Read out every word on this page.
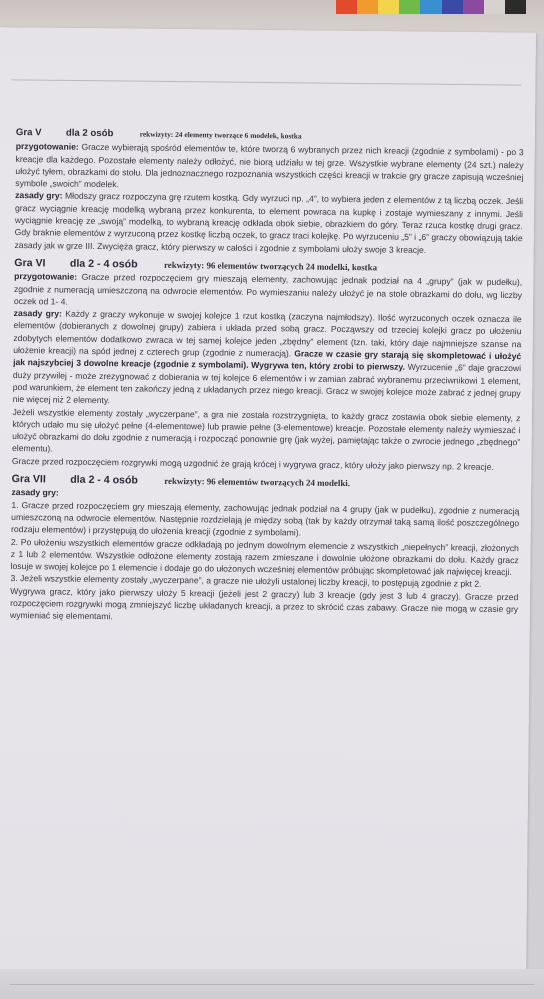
Gra V	dla 2 osób	rekwizyty: 24 elementy tworzące 6 modelek, kostka

przygotowanie: Gracze wybierają spośród elementów te, które tworzą 6 wybranych przez nich kreacji (zgodnie z symbolami) - po 3 kreacje dla każdego. Pozostałe elementy należy odłożyć, nie biorą udziału w tej grze. Wszystkie wybrane elementy (24 szt.) należy ułożyć tyłem, obrazkami do stołu. Dla jednoznacznego rozpoznania wszystkich części kreacji w trakcie gry gracze zapisują wcześniej symbole „swoich” modelek.

zasady gry: Młodszy gracz rozpoczyna grę rzutem kostką. Gdy wyrzuci np. „4”, to wybiera jeden z elementów z tą liczbą oczek. Jeśli gracz wyciągnie kreację modelką wybraną przez konkurenta, to element powraca na kupkę i zostaje wymieszany z innymi. Jeśli wyciągnie kreację ze „swoją” modelką, to wybraną kreację odkłada obok siebie, obrazkiem do góry. Teraz rzuca kostkę drugi gracz. Gdy braknie elementów z wyrzuconą przez kostkę liczbą oczek, to gracz traci kolejkę. Po wyrzuceniu „5” i „6” graczy obowiązują takie zasady jak w grze III. Zwycięża gracz, który pierwszy w całości i zgodnie z symbolami ułoży swoje 3 kreacje.

Gra VI dla 2 - 4 osób	rekwizyty: 96 elementów tworzących 24 modelki, kostka

przygotowanie: Gracze przed rozpoczęciem gry mieszają elementy, zachowując jednak podział na 4 „grupy” (jak w pudełku), zgodnie z numeracją umieszczoną na odwrocie elementów. Po wymieszaniu należy ułożyć je na stole obrazkami do dołu, wg liczby oczek od 1- 4.

zasady gry: Każdy z graczy wykonuje w swojej kolejce 1 rzut kostką (zaczyna najmłodszy). Ilość wyrzuconych oczek oznacza ile elementów (dobieranych z dowolnej grupy) zabiera i układa przed sobą gracz. Począwszy od trzeciej kolejki gracz po ułożeniu zdobytych elementów dodatkowo zwraca w tej samej kolejce jeden „zbędny” element (tzn. taki, który daje najmniejsze szanse na ułożenie kreacji) na spód jednej z czterech grup (zgodnie z numeracją). Gracze w czasie gry starają się skompletować i ułożyć jak najszybciej 3 dowolne kreacje (zgodnie z symbolami). Wygrywa ten, który zrobi to pierwszy. Wyrzucenie „6” daje graczowi duży przywilej - może zrezygnować z dobierania w tej kolejce 6 elementów i w zamian zabrać wybranemu przeciwnikowi 1 element, pod warunkiem, że element ten zakończy jedną z układanych przez niego kreacji. Gracz w swojej kolejce może zabrać z jednej grupy nie więcej niż 2 elementy.

Jeżeli wszystkie elementy zostały „wyczerpane”, a gra nie została rozstrzygnięta, to każdy gracz zostawia obok siebie elementy, z których udało mu się ułożyć pełne (4-elementowe) lub prawie pełne (3-elementowe) kreacje. Pozostałe elementy należy wymieszać i ułożyć obrazkami do dołu zgodnie z numeracją i rozpocząć ponownie grę (jak wyżej, pamiętając także o zwrocie jednego „zbędnego” elementu).

Gracze przed rozpoczęciem rozgrywki mogą uzgodnić że grają krócej i wygrywa gracz, który ułoży jako pierwszy np. 2 kreacje.

Gra VII dla 2 - 4 osób	rekwizyty: 96 elementów tworzących 24 modelki.

zasady gry:

1. Gracze przed rozpoczęciem gry mieszają elementy, zachowując jednak podział na 4 grupy (jak w pudełku), zgodnie z numeracją umieszczoną na odwrocie elementów. Następnie rozdzielają je między sobą (tak by każdy otrzymał taką samą ilość poszczególnego rodzaju elementów) i przystępują do ułożenia kreacji (zgodnie z symbolami).

2. Po ułożeniu wszystkich elementów gracze odkładają po jednym dowolnym elemencie z wszystkich „niepełnych” kreacji, złożonych z 1 lub 2 elementów. Wszystkie odłożone elementy zostają razem zmieszane i dowolnie ułożone obrazkami do dołu. Każdy gracz losuje w swojej kolejce po 1 elemencie i dodaje go do ułożonych wcześniej elementów próbując skompletować jak najwięcej kreacji.

3. Jeżeli wszystkie elementy zostały „wyczerpane”, a gracze nie ułożyli ustalonej liczby kreacji, to postępują zgodnie z pkt 2.

Wygrywa gracz, który jako pierwszy ułoży 5 kreacji (jeżeli jest 2 graczy) lub 3 kreacje (gdy jest 3 lub 4 graczy). Gracze przed rozpoczęciem rozgrywki mogą zmniejszyć liczbę układanych kreacji, a przez to skrócić czas zabawy. Gracze nie mogą w czasie gry wymieniać się elementami.
